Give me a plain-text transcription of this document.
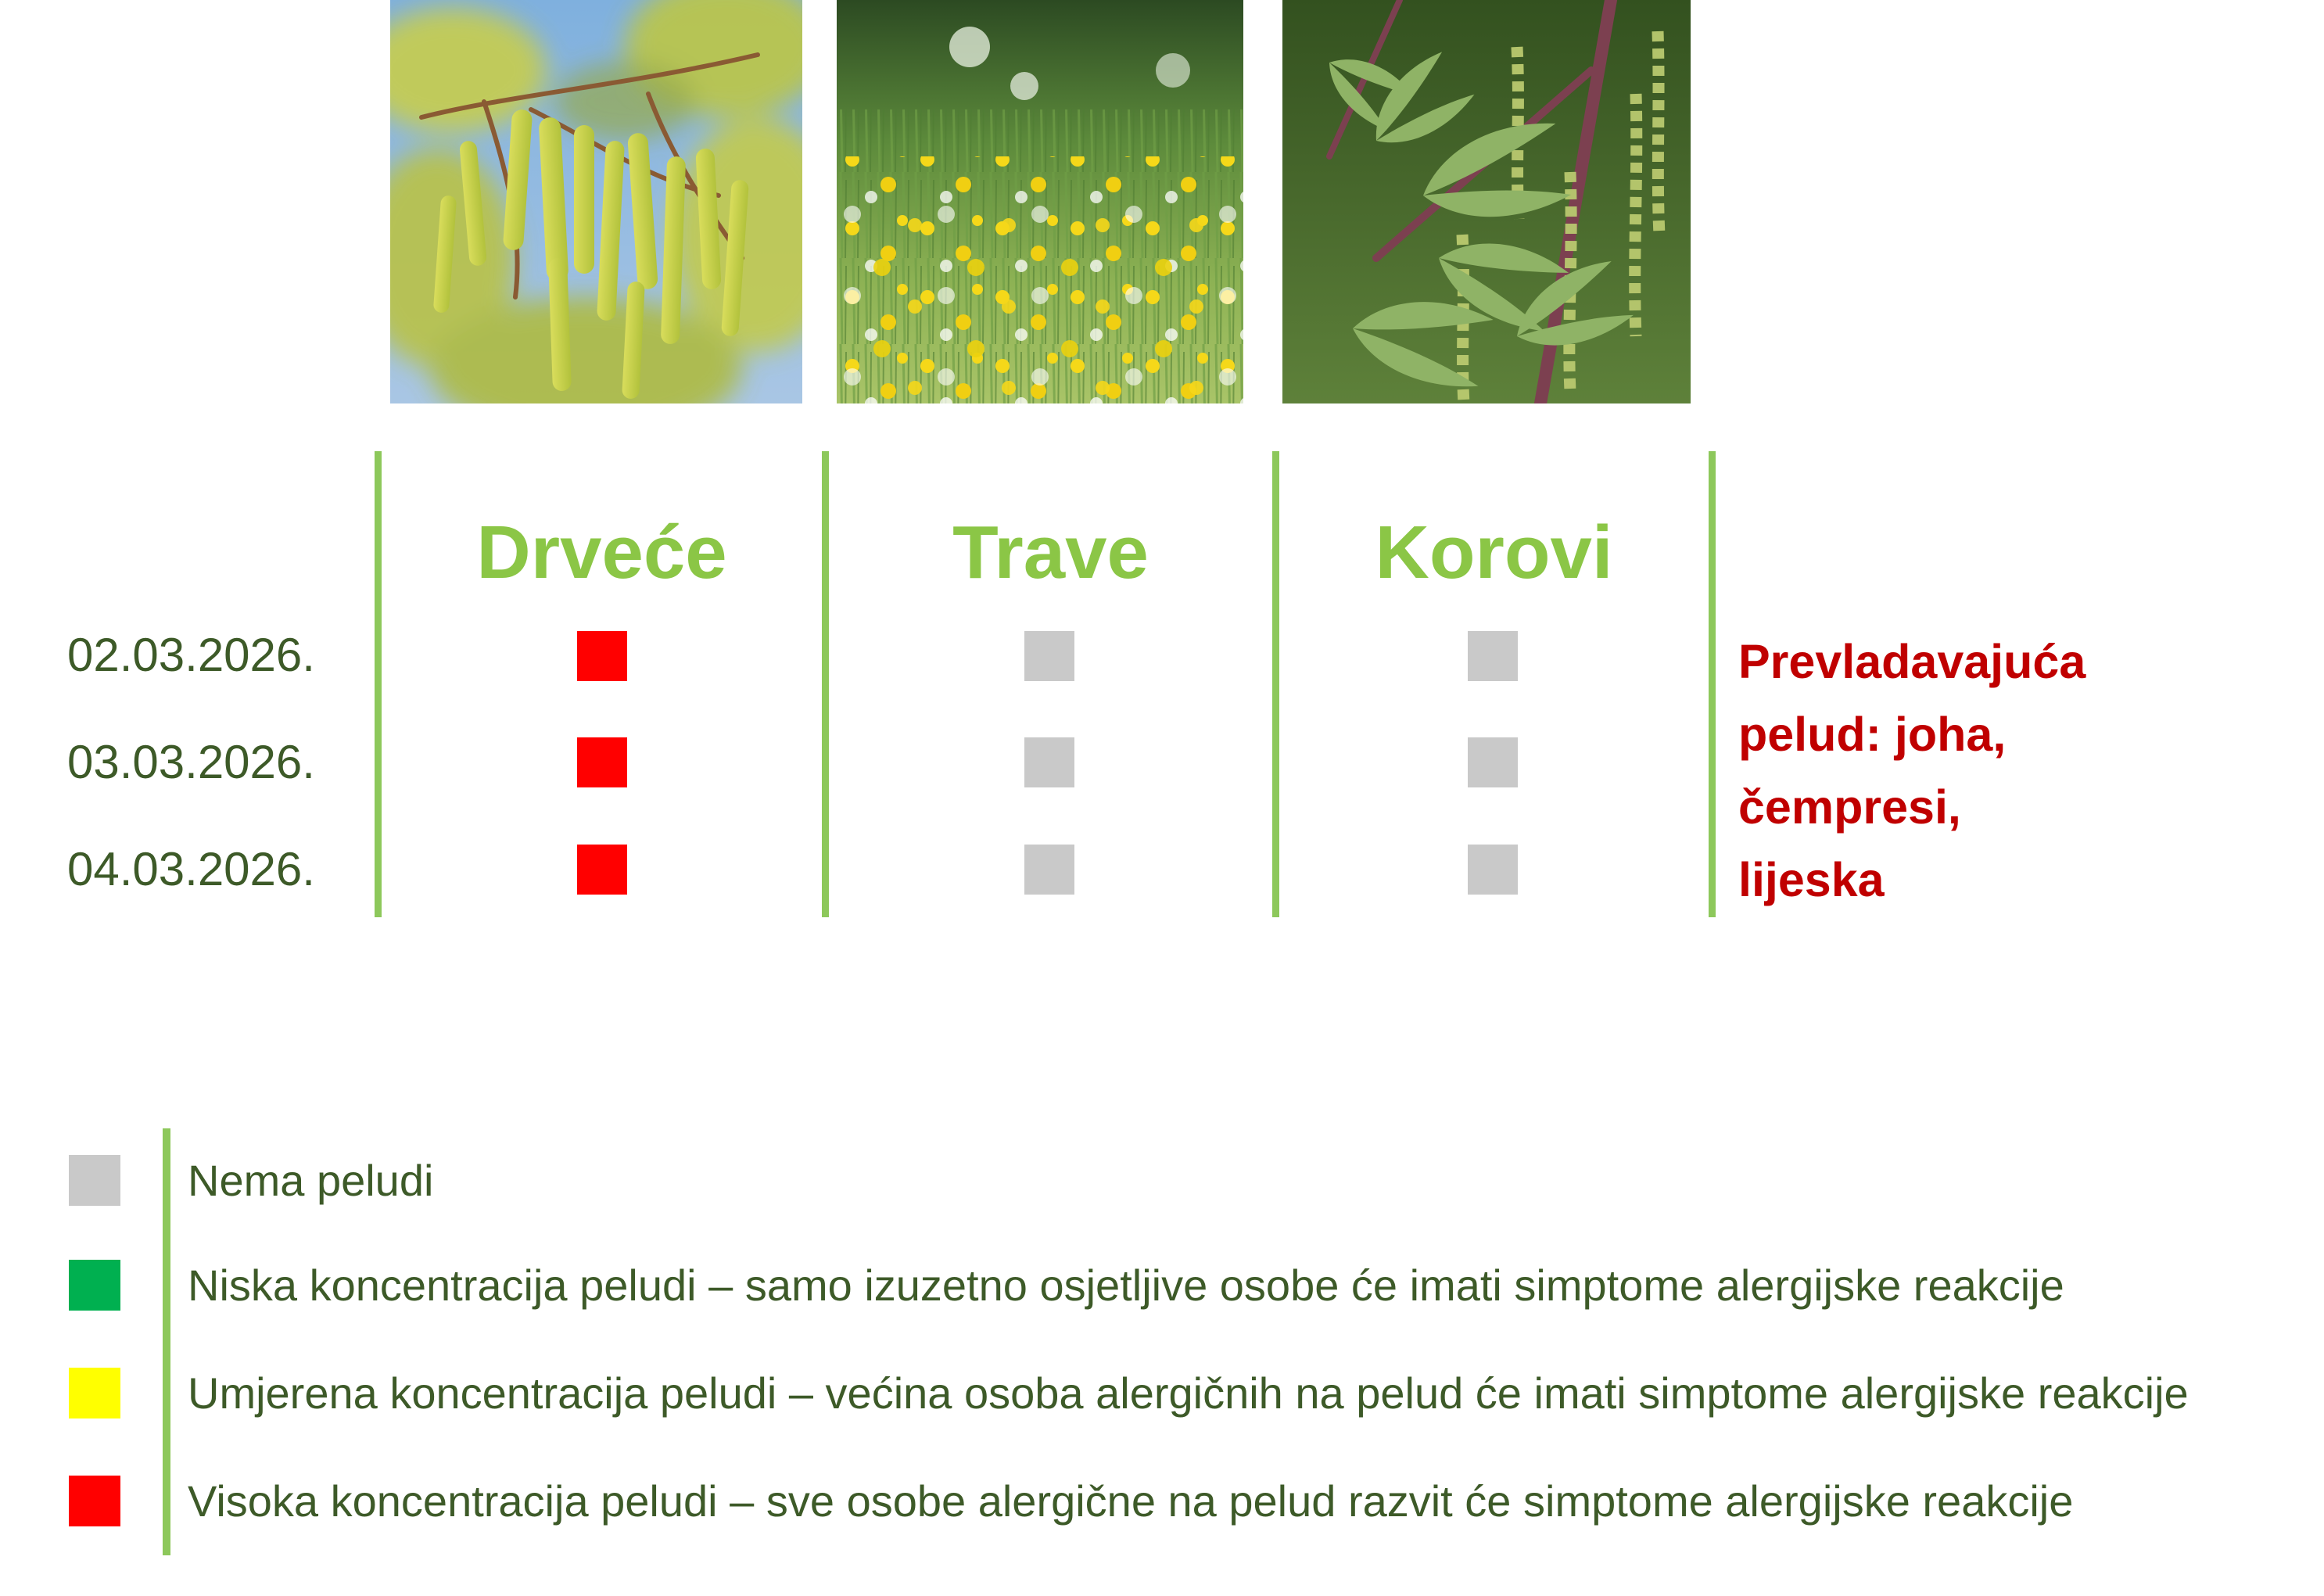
Drveće	Trave	Korovi
02.03.2026.
03.03.2026.
04.03.2026.
Prevladavajuća
pelud: joha,
čempresi,
lijeska
Nema peludi
Niska koncentracija peludi – samo izuzetno osjetljive osobe će imati simptome alergijske reakcije
Umjerena koncentracija peludi – većina osoba alergičnih na pelud će imati simptome alergijske reakcije
Visoka koncentracija peludi – sve osobe alergične na pelud razvit će simptome alergijske reakcije
